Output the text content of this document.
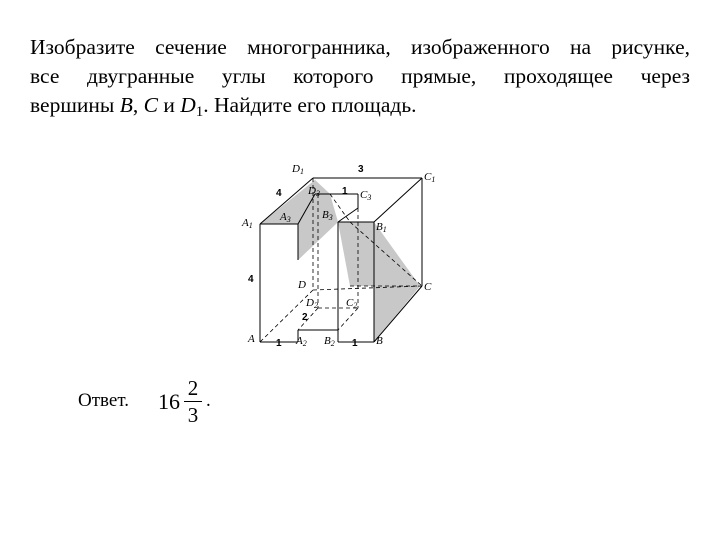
Изобразите сечение многогранника, изображенного на рисунке,
все двугранные углы которого прямые, проходящее через
вершины B, C и $D_1$. Найдите его площадь.
D1	C1
D3	C3
A1
A3	B3
B1
D	C
D2	C2
A	A2 B2	B
3
4	1
4
2
1	1
Ответ. 16
2
3
.
